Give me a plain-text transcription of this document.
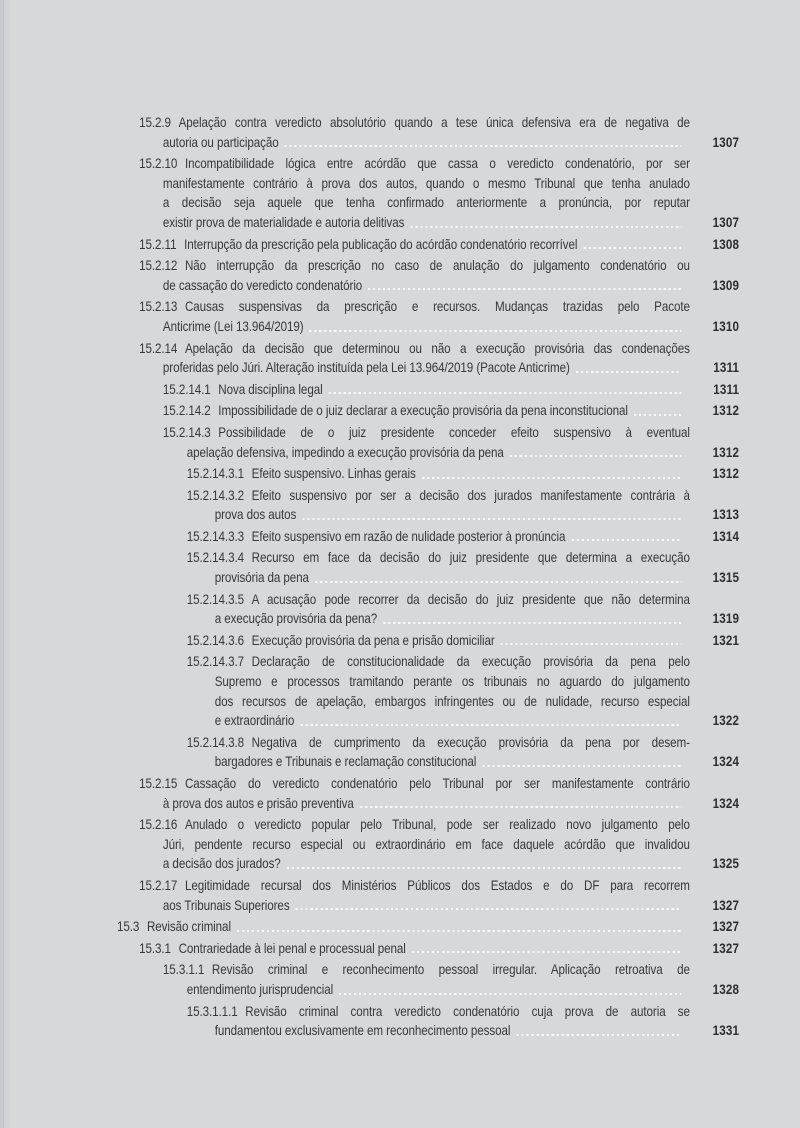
15.2.9 Apelação contra veredicto absolutório quando a tese única defensiva era de negativa de
autoria ou participação	1307
15.2.10 Incompatibilidade lógica entre acórdão que cassa o veredicto condenatório, por ser
manifestamente contrário à prova dos autos, quando o mesmo Tribunal que tenha anulado
a decisão seja aquele que tenha confirmado anteriormente a pronúncia, por reputar
existir prova de materialidade e autoria delitivas	1307
15.2.11 Interrupção da prescrição pela publicação do acórdão condenatório recorrível	1308
15.2.12 Não interrupção da prescrição no caso de anulação do julgamento condenatório ou
de cassação do veredicto condenatório	1309
15.2.13 Causas suspensivas da prescrição e recursos. Mudanças trazidas pelo Pacote
Anticrime (Lei 13.964/2019)	1310
15.2.14 Apelação da decisão que determinou ou não a execução provisória das condenações
proferidas pelo Júri. Alteração instituída pela Lei 13.964/2019 (Pacote Anticrime)	1311
15.2.14.1 Nova disciplina legal	1311
15.2.14.2 Impossibilidade de o juiz declarar a execução provisória da pena inconstitucional	1312
15.2.14.3 Possibilidade de o juiz presidente conceder efeito suspensivo à eventual
apelação defensiva, impedindo a execução provisória da pena	1312
15.2.14.3.1 Efeito suspensivo. Linhas gerais	1312
15.2.14.3.2 Efeito suspensivo por ser a decisão dos jurados manifestamente contrária à
prova dos autos	1313
15.2.14.3.3 Efeito suspensivo em razão de nulidade posterior à pronúncia	1314
15.2.14.3.4 Recurso em face da decisão do juiz presidente que determina a execução
provisória da pena	1315
15.2.14.3.5 A acusação pode recorrer da decisão do juiz presidente que não determina
a execução provisória da pena?	1319
15.2.14.3.6 Execução provisória da pena e prisão domiciliar	1321
15.2.14.3.7 Declaração de constitucionalidade da execução provisória da pena pelo
Supremo e processos tramitando perante os tribunais no aguardo do julgamento
dos recursos de apelação, embargos infringentes ou de nulidade, recurso especial
e extraordinário	1322
15.2.14.3.8 Negativa de cumprimento da execução provisória da pena por desem-
bargadores e Tribunais e reclamação constitucional	1324
15.2.15 Cassação do veredicto condenatório pelo Tribunal por ser manifestamente contrário
à prova dos autos e prisão preventiva	1324
15.2.16 Anulado o veredicto popular pelo Tribunal, pode ser realizado novo julgamento pelo
Júri, pendente recurso especial ou extraordinário em face daquele acórdão que invalidou
a decisão dos jurados?	1325
15.2.17 Legitimidade recursal dos Ministérios Públicos dos Estados e do DF para recorrem
aos Tribunais Superiores	1327
15.3 Revisão criminal	1327
15.3.1 Contrariedade à lei penal e processual penal	1327
15.3.1.1 Revisão criminal e reconhecimento pessoal irregular. Aplicação retroativa de
entendimento jurisprudencial	1328
15.3.1.1.1 Revisão criminal contra veredicto condenatório cuja prova de autoria se
fundamentou exclusivamente em reconhecimento pessoal	1331
